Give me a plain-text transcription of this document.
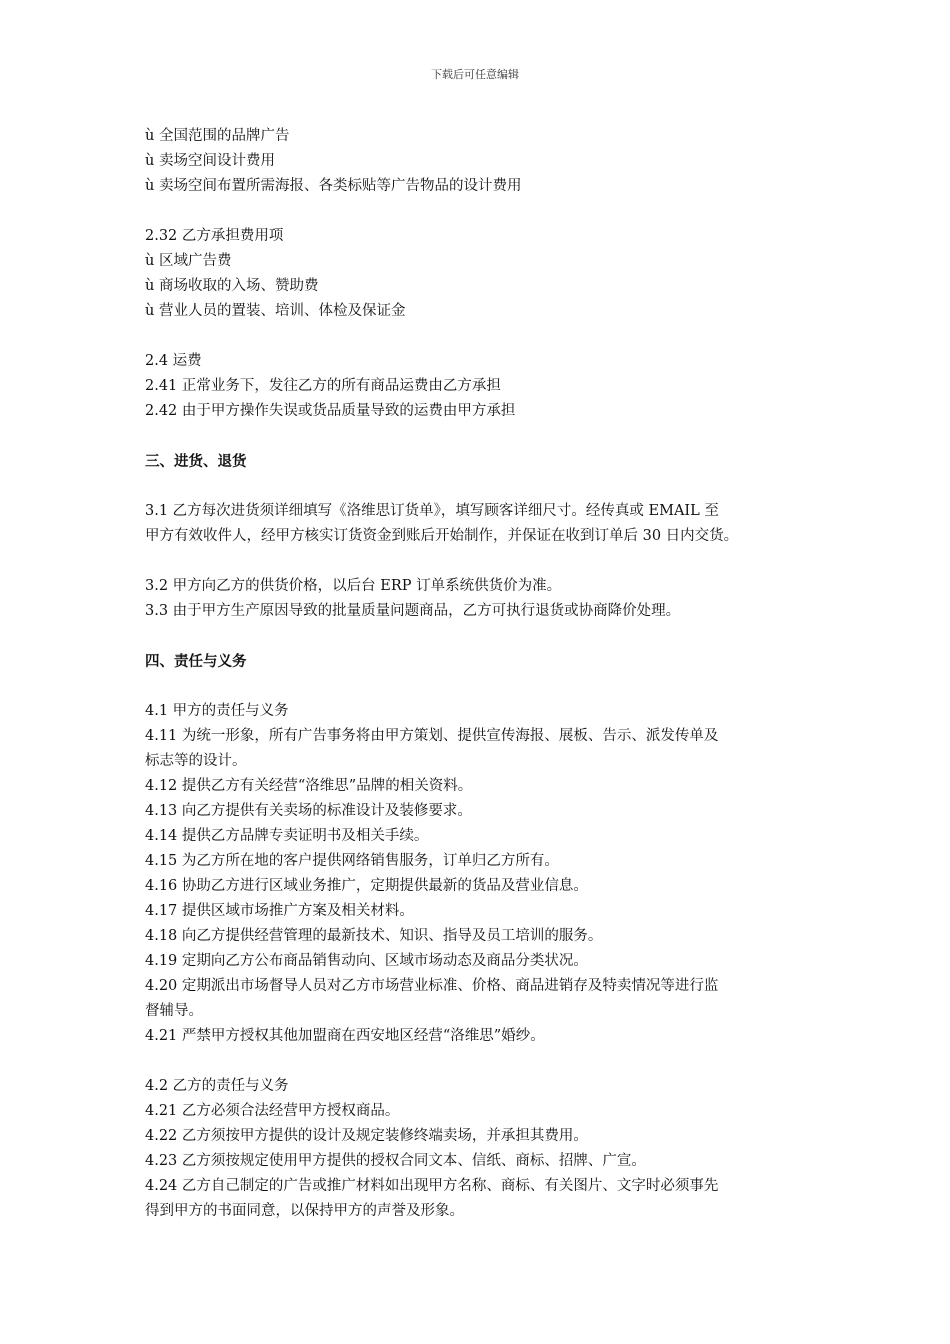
下载后可任意编辑
ù 全国范围的品牌广告
ù 卖场空间设计费用
ù 卖场空间布置所需海报、各类标贴等广告物品的设计费用
2.32 乙方承担费用项
ù 区域广告费
ù 商场收取的入场、赞助费
ù 营业人员的置装、培训、体检及保证金
2.4 运费
2.41 正常业务下，发往乙方的所有商品运费由乙方承担
2.42 由于甲方操作失误或货品质量导致的运费由甲方承担
三、进货、退货
3.1 乙方每次进货须详细填写《洛维思订货单》，填写顾客详细尺寸。经传真或 EMAIL 至
甲方有效收件人，经甲方核实订货资金到账后开始制作，并保证在收到订单后 30 日内交货。
3.2 甲方向乙方的供货价格，以后台 ERP 订单系统供货价为准。
3.3 由于甲方生产原因导致的批量质量问题商品，乙方可执行退货或协商降价处理。
四、责任与义务
4.1 甲方的责任与义务
4.11 为统一形象，所有广告事务将由甲方策划、提供宣传海报、展板、告示、派发传单及
标志等的设计。
4.12 提供乙方有关经营“洛维思”品牌的相关资料。
4.13 向乙方提供有关卖场的标准设计及装修要求。
4.14 提供乙方品牌专卖证明书及相关手续。
4.15 为乙方所在地的客户提供网络销售服务，订单归乙方所有。
4.16 协助乙方进行区域业务推广，定期提供最新的货品及营业信息。
4.17 提供区域市场推广方案及相关材料。
4.18 向乙方提供经营管理的最新技术、知识、指导及员工培训的服务。
4.19 定期向乙方公布商品销售动向、区域市场动态及商品分类状况。
4.20 定期派出市场督导人员对乙方市场营业标准、价格、商品进销存及特卖情况等进行监
督辅导。
4.21 严禁甲方授权其他加盟商在西安地区经营“洛维思”婚纱。
4.2 乙方的责任与义务
4.21 乙方必须合法经营甲方授权商品。
4.22 乙方须按甲方提供的设计及规定装修终端卖场，并承担其费用。
4.23 乙方须按规定使用甲方提供的授权合同文本、信纸、商标、招牌、广宣。
4.24 乙方自己制定的广告或推广材料如出现甲方名称、商标、有关图片、文字时必须事先
得到甲方的书面同意，以保持甲方的声誉及形象。
